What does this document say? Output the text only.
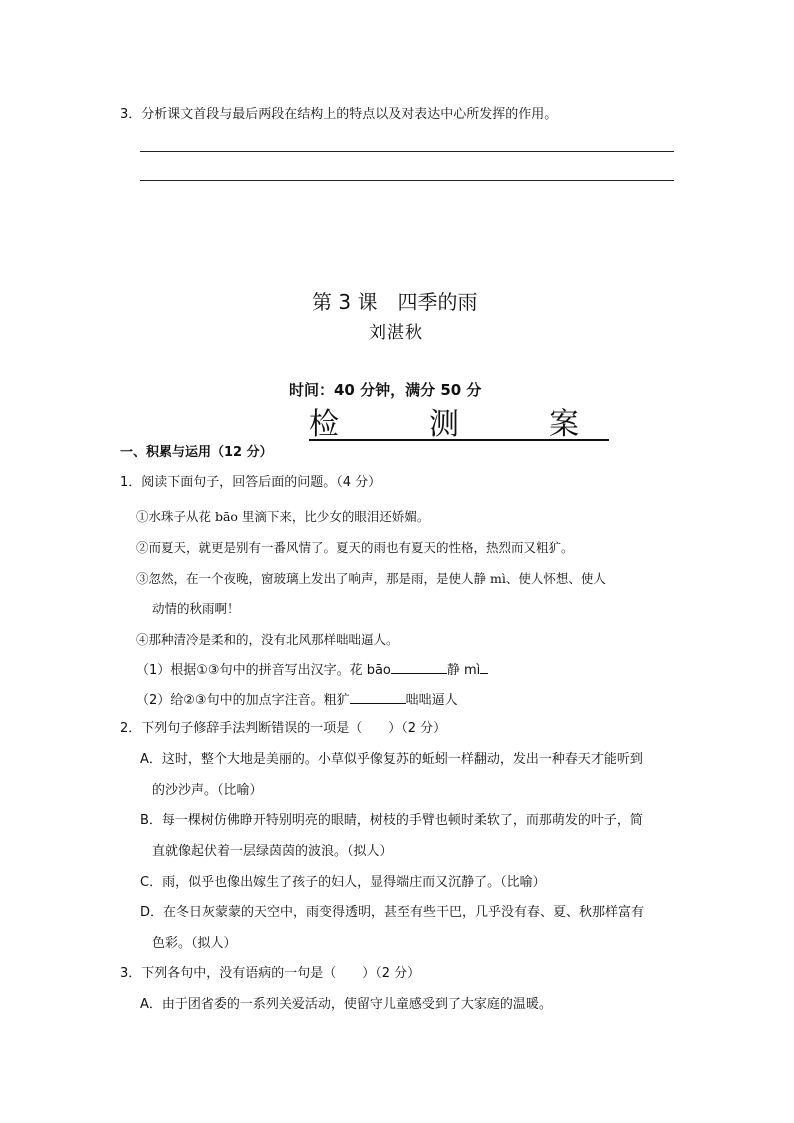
3．分析课文首段与最后两段在结构上的特点以及对表达中心所发挥的作用。
第 3 课　四季的雨
刘湛秋
时间：40 分钟，满分 50 分
检　测　案
一、积累与运用（12 分）
1．阅读下面句子，回答后面的问题。（4 分）
①水珠子从花 bāo 里滴下来，比少女的眼泪还娇媚。
②而夏天，就更是别有一番风情了。夏天的雨也有夏天的性格，热烈而又粗犷。
③忽然，在一个夜晚，窗玻璃上发出了响声，那是雨，是使人静 mì、使人怀想、使人
动情的秋雨啊！
④那种清冷是柔和的，没有北风那样咄咄逼人。
（1）根据①③句中的拼音写出汉字。花 bāo	静 mì
（2）给②③句中的加点字注音。粗犷	咄咄逼人
2．下列句子修辞手法判断错误的一项是（　　）（2 分）
A．这时，整个大地是美丽的。小草似乎像复苏的蚯蚓一样翻动，发出一种春天才能听到
的沙沙声。（比喻）
B．每一棵树仿佛睁开特别明亮的眼睛，树枝的手臂也顿时柔软了，而那萌发的叶子，简
直就像起伏着一层绿茵茵的波浪。（拟人）
C．雨，似乎也像出嫁生了孩子的妇人，显得端庄而又沉静了。（比喻）
D．在冬日灰蒙蒙的天空中，雨变得透明，甚至有些干巴，几乎没有春、夏、秋那样富有
色彩。（拟人）
3．下列各句中，没有语病的一句是（　　）（2 分）
A．由于团省委的一系列关爱活动，使留守儿童感受到了大家庭的温暖。
